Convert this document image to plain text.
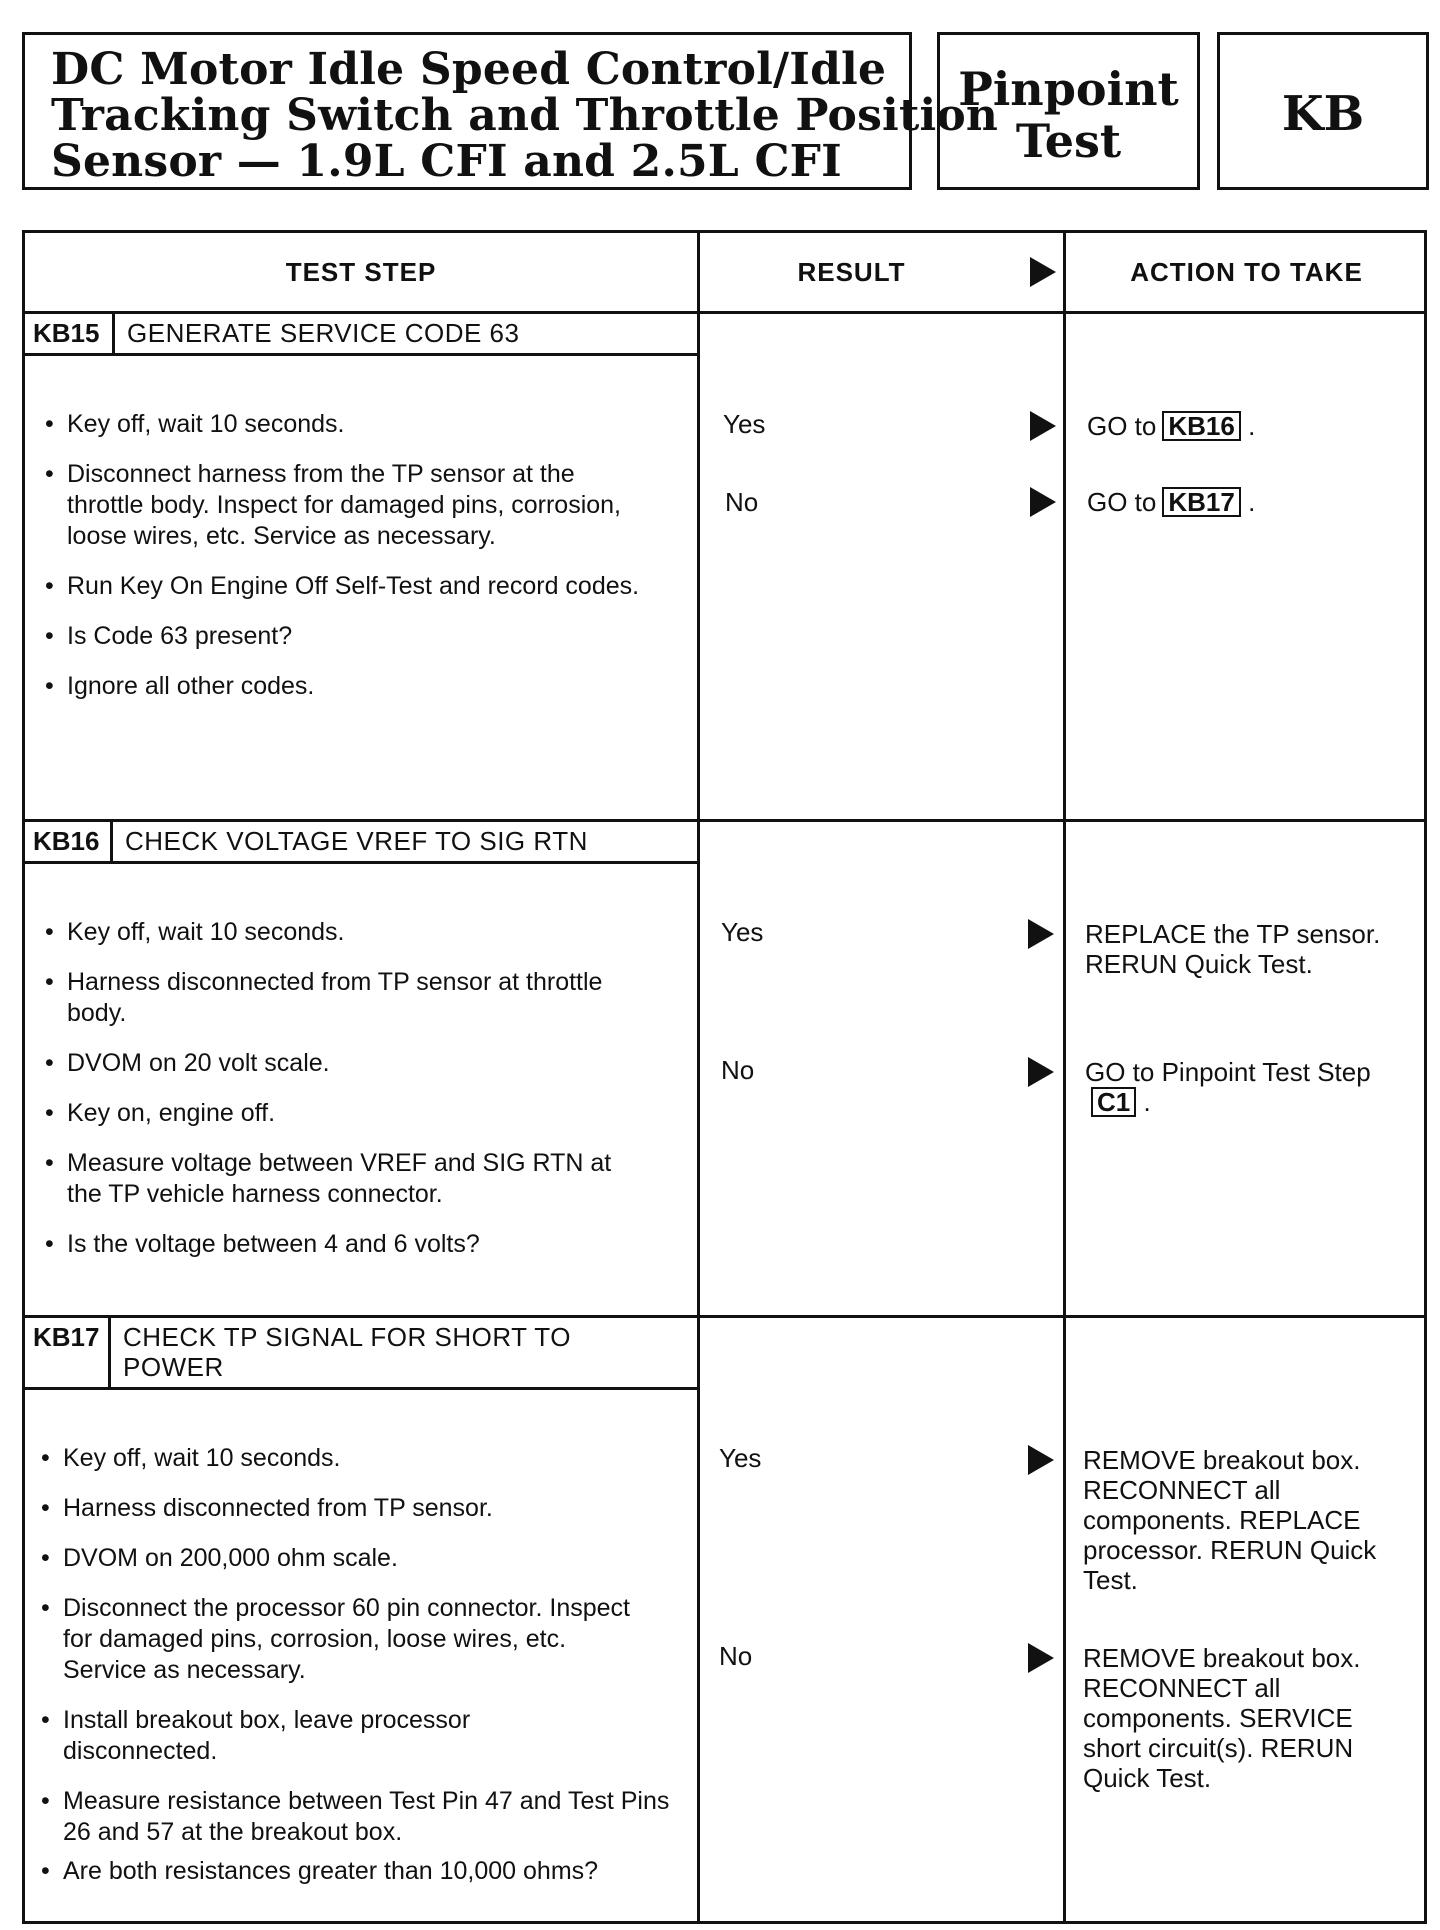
DC Motor Idle Speed Control/Idle
Tracking Switch and Throttle Position
Sensor — 1.9L CFI and 2.5L CFI
Pinpoint
Test	KB
TEST STEP	RESULT	ACTION TO TAKE
KB15	GENERATE SERVICE CODE 63
• Key off, wait 10 seconds.
• Disconnect harness from the TP sensor at the throttle body. Inspect for damaged pins, corrosion, loose wires, etc. Service as necessary.
• Run Key On Engine Off Self-Test and record codes.
• Is Code 63 present?
• Ignore all other codes.
Yes	GO to KB16 .
No	GO to KB17 .
KB16 CHECK VOLTAGE VREF TO SIG RTN
• Key off, wait 10 seconds.
• Harness disconnected from TP sensor at throttle body.
• DVOM on 20 volt scale.
• Key on, engine off.
• Measure voltage between VREF and SIG RTN at the TP vehicle harness connector.
• Is the voltage between 4 and 6 volts?
Yes	REPLACE the TP sensor. RERUN Quick Test.
No	GO to Pinpoint Test StepC1 .
KB17 CHECK TP SIGNAL FOR SHORT TO POWER
• Key off, wait 10 seconds.
• Harness disconnected from TP sensor.
• DVOM on 200,000 ohm scale.
• Disconnect the processor 60 pin connector. Inspect for damaged pins, corrosion, loose wires, etc. Service as necessary.
• Install breakout box, leave processor disconnected.
• Measure resistance between Test Pin 47 and Test Pins 26 and 57 at the breakout box.
• Are both resistances greater than 10,000 ohms?
Yes	REMOVE breakout box. RECONNECT all components. REPLACE processor. RERUN Quick Test.
No	REMOVE breakout box. RECONNECT all components. SERVICE short circuit(s). RERUN Quick Test.
